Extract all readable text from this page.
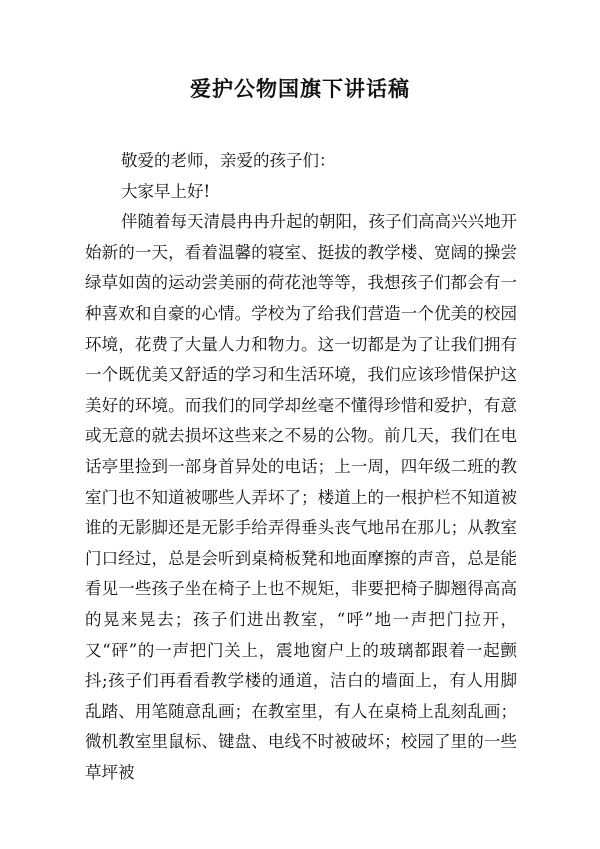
爱护公物国旗下讲话稿

敬爱的老师，亲爱的孩子们：

大家早上好!

伴随着每天清晨冉冉升起的朝阳，孩子们高高兴兴地开始新的一天，看着温馨的寝室、挺拔的教学楼、宽阔的操尝绿草如茵的运动尝美丽的荷花池等等，我想孩子们都会有一种喜欢和自豪的心情。学校为了给我们营造一个优美的校园环境，花费了大量人力和物力。这一切都是为了让我们拥有一个既优美又舒适的学习和生活环境，我们应该珍惜保护这美好的环境。而我们的同学却丝毫不懂得珍惜和爱护，有意或无意的就去损坏这些来之不易的公物。前几天，我们在电话亭里捡到一部身首异处的电话；上一周，四年级二班的教室门也不知道被哪些人弄坏了；楼道上的一根护栏不知道被谁的无影脚还是无影手给弄得垂头丧气地吊在那儿；从教室门口经过，总是会听到桌椅板凳和地面摩擦的声音，总是能看见一些孩子坐在椅子上也不规矩，非要把椅子脚翘得高高的晃来晃去；孩子们进出教室，“呼”地一声把门拉开，又“砰”的一声把门关上，震地窗户上的玻璃都跟着一起颤抖;孩子们再看看教学楼的通道，洁白的墙面上，有人用脚乱踏、用笔随意乱画；在教室里，有人在桌椅上乱刻乱画；微机教室里鼠标、键盘、电线不时被破坏；校园了里的一些草坪被
